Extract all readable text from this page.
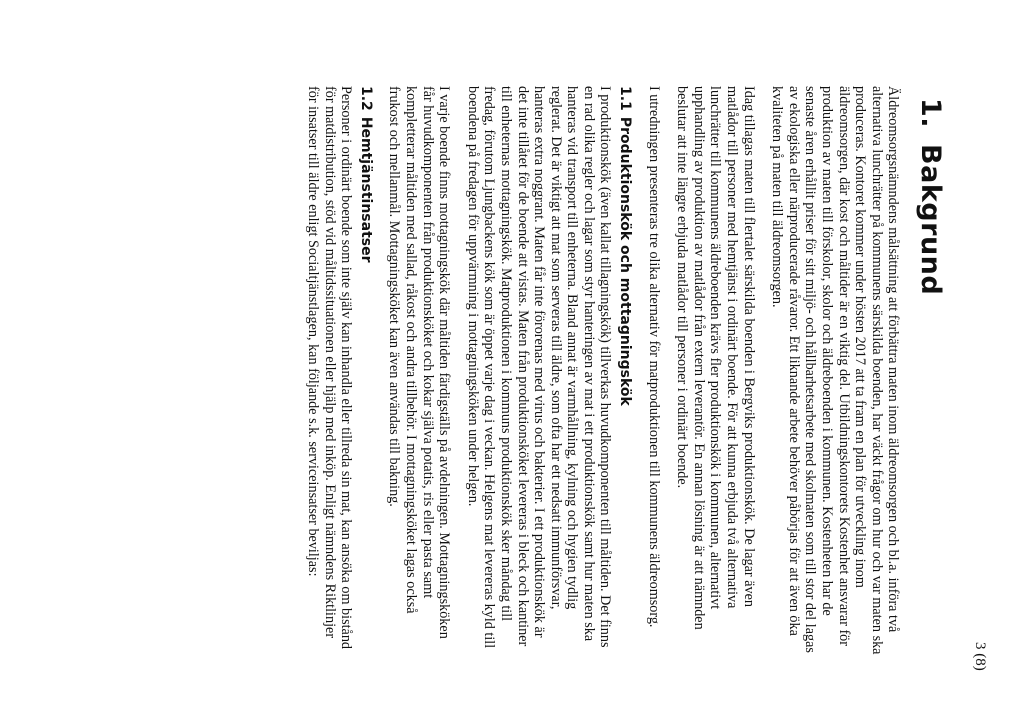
3 (8)
1.Bakgrund

Äldreomsorgsnämndens målsättning att förbättra maten inom äldreomsorgen och bl.a. införa två alternativa lunchrätter på kommunens särskilda boenden, har väckt frågor om hur och var maten ska produceras. Kontoret kommer under hösten 2017 att ta fram en plan för utveckling inom äldreomsorgen, där kost och måltider är en viktig del. Utbildningskontorets Kostenhet ansvarar för produktion av maten till förskolor, skolor och äldreboenden i kommunen. Kostenheten har de senaste åren erhållit priser för sitt miljö- och hållbarhetsarbete med skolmaten som till stor del lagas av ekologiska eller närproducerade råvaror. Ett liknande arbete behöver påbörjas för att även öka kvaliteten på maten till äldreomsorgen.

Idag tillagas maten till flertalet särskilda boenden i Bergviks produktionskök. De lagar även matlådor till personer med hemtjänst i ordinärt boende. För att kunna erbjuda två alternativa lunchrätter till kommunens äldreboenden krävs fler produktionskök i kommunen, alternativt upphandling av produktion av matlådor från extern leverantör. En annan lösning är att nämnden beslutar att inte längre erbjuda matlådor till personer i ordinärt boende.

I utredningen presenteras tre olika alternativ för matproduktionen till kommunens äldreomsorg.

1.1Produktionskök och mottagningskök

I produktionskök (även kallat tillagningskök) tillverkas huvudkomponenten till måltiden. Det finns en rad olika regler och lagar som styr hanteringen av mat i ett produktionskök samt hur maten ska hanteras vid transport till enheterna. Bland annat är varmhållning, kylning och hygien tydlig reglerat. Det är viktigt att mat som serveras till äldre, som ofta har ett nedsatt immunförsvar, hanteras extra noggrant. Maten får inte förorenas med virus och bakterier. I ett produktionskök är det inte tillåtet för de boende att vistas. Maten från produktionsköket levereras i bleck och kantiner till enheternas mottagningskök. Matproduktionen i kommuns produktionskök sker måndag till fredag, förutom Ljungbackens kök som är öppet varje dag i veckan. Helgens mat levereras kyld till boendena på fredagen för uppvärmning i mottagningsköken under helgen.

I varje boende finns mottagningskök där måltiden färdigställs på avdelningen. Mottagningsköken får huvudkomponenten från produktionsköket och kokar själva potatis, ris eller pasta samt kompletterar måltiden med sallad, råkost och andra tillbehör. I mottagningsköket lagas också frukost och mellanmål. Mottagningsköket kan även användas till bakning.

1.2Hemtjänstinsatser

Personer i ordinärt boende som inte själv kan inhandla eller tillreda sin mat, kan ansöka om bistånd för matdistribution, stöd vid måltidssituationen eller hjälp med inköp. Enligt nämndens Riktlinjer för insatser till äldre enligt Socialtjänstlagen, kan följande s.k. serviceinsatser beviljas:
